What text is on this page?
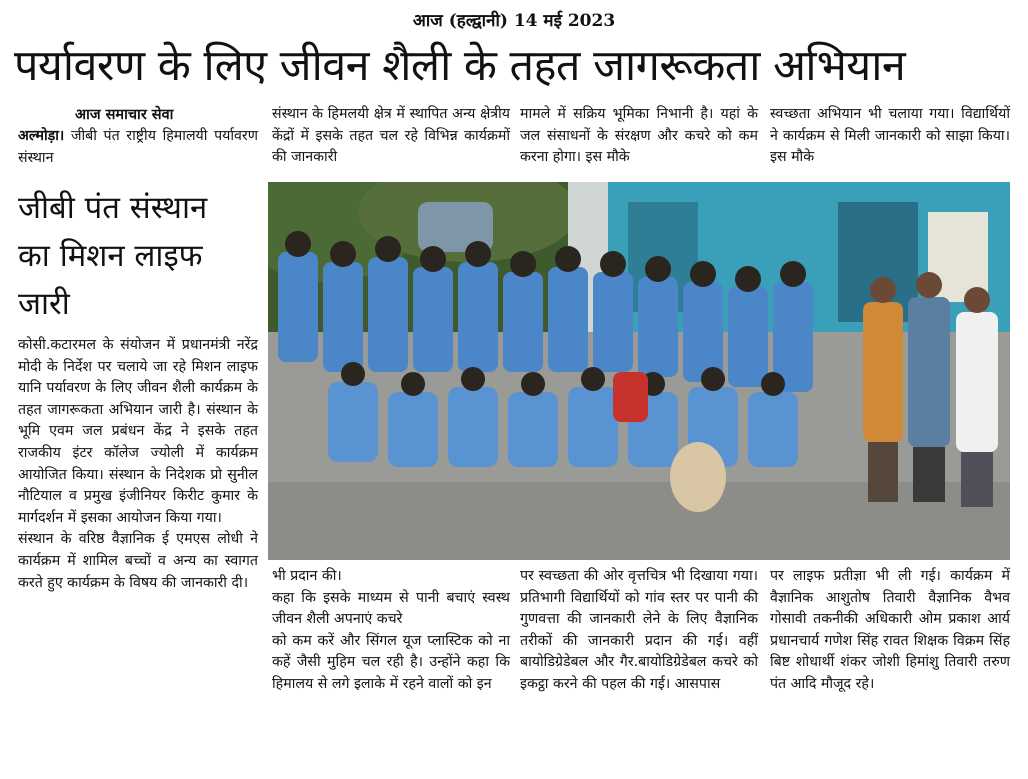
आज (हल्द्वानी) 14 मई 2023
पर्यावरण के लिए जीवन शैली के तहत जागरूकता अभियान
आज समाचार सेवा
अल्मोड़ा। जीबी पंत राष्ट्रीय हिमालयी पर्यावरण संस्थान
जीबी पंत संस्थान
का मिशन लाइफ
जारी

कोसी.कटारमल के संयोजन में प्रधानमंत्री नरेंद्र मोदी के निर्देश पर चलाये जा रहे मिशन लाइफ यानि पर्यावरण के लिए जीवन शैली कार्यक्रम के तहत जागरूकता अभियान जारी है। संस्थान के भूमि एवम जल प्रबंधन केंद्र ने इसके तहत राजकीय इंटर कॉलेज ज्योली में कार्यक्रम आयोजित किया। संस्थान के निदेशक प्रो सुनील नौटियाल व प्रमुख इंजीनियर किरीट कुमार के मार्गदर्शन में इसका आयोजन किया गया।

संस्थान के वरिष्ठ वैज्ञानिक ई एमएस लोधी ने कार्यक्रम में शामिल बच्चों व अन्य का स्वागत करते हुए कार्यक्रम के विषय की जानकारी दी।

संस्थान के हिमलयी क्षेत्र में स्थापित अन्य क्षेत्रीय केंद्रों में इसके तहत चल रहे विभिन्न कार्यक्रमों की जानकारी

मामले में सक्रिय भूमिका निभानी है। यहां के जल संसाधनों के संरक्षण और कचरे को कम करना होगा। इस मौके

स्वच्छता अभियान भी चलाया गया। विद्यार्थियों ने कार्यक्रम से मिली जानकारी को साझा किया। इस मौके

भी प्रदान की।

कहा कि इसके माध्यम से पानी बचाएं स्वस्थ जीवन शैली अपनाएं कचरे

को कम करें और सिंगल यूज प्लास्टिक को ना कहें जैसी मुहिम चल रही है। उन्होंने कहा कि हिमालय से लगे इलाके में रहने वालों को इन

पर स्वच्छता की ओर वृत्तचित्र भी दिखाया गया। प्रतिभागी विद्यार्थियों को गांव स्तर पर पानी की गुणवत्ता की जानकारी लेने के लिए वैज्ञानिक तरीकों की जानकारी प्रदान की गई। वहीं बायोडिग्रेडेबल और गैर.बायोडिग्रेडेबल कचरे को इकट्ठा करने की पहल की गई। आसपास

पर लाइफ प्रतीज्ञा भी ली गई। कार्यक्रम में वैज्ञानिक आशुतोष तिवारी वैज्ञानिक वैभव गोसावी तकनीकी अधिकारी ओम प्रकाश आर्य प्रधानचार्य गणेश सिंह रावत शिक्षक विक्रम सिंह बिष्ट शोधार्थी शंकर जोशी हिमांशु तिवारी तरुण पंत आदि मौजूद रहे।
